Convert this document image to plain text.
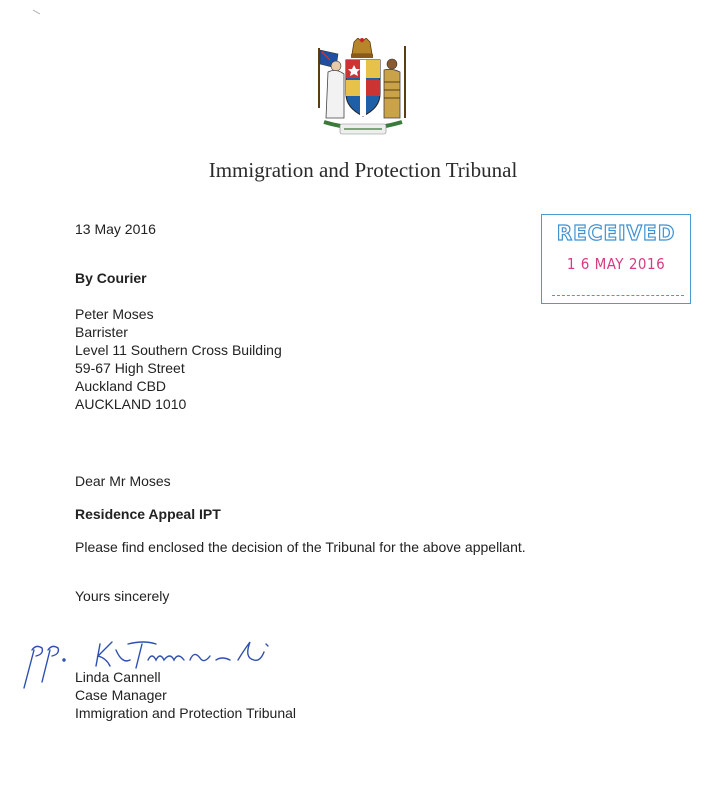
Immigration and Protection Tribunal
13 May 2016	RECEIVED
1 6 MAY 2016
By Courier
Peter Moses
Barrister
Level 11 Southern Cross Building
59-67 High Street
Auckland CBD
AUCKLAND 1010
Dear Mr Moses
Residence Appeal IPT
Please find enclosed the decision of the Tribunal for the above appellant.
Yours sincerely
Linda Cannell
Case Manager
Immigration and Protection Tribunal
